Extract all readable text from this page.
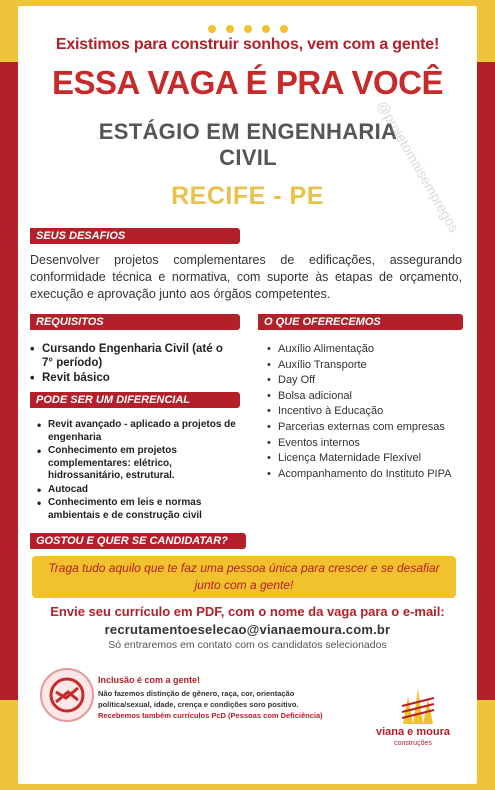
Existimos para construir sonhos, vem com a gente!
ESSA VAGA É PRA VOCÊ
ESTÁGIO EM ENGENHARIA
CIVIL
RECIFE - PE
SEUS DESAFIOS
Desenvolver projetos complementares de edificações, assegurando conformidade técnica e normativa, com suporte às etapas de orçamento, execução e aprovação junto aos órgãos competentes.
REQUISITOS
• Cursando Engenharia Civil (até o 7° período)
• Revit básico
O QUE OFERECEMOS
• Auxílio Alimentação
• Auxílio Transporte
• Day Off
• Bolsa adicional
• Incentivo à Educação
• Parcerias externas com empresas
• Eventos internos
• Licença Maternidade Flexível
• Acompanhamento do Instituto PIPA
PODE SER UM DIFERENCIAL
• Revit avançado - aplicado a projetos de engenharia
• Conhecimento em projetos complementares: elétrico, hidrossanitário, estrutural.
• Autocad
• Conhecimento em leis e normas ambientais e de construção civil
GOSTOU E QUER SE CANDIDATAR?
Traga tudo aquilo que te faz uma pessoa única para crescer e se desafiar junto com a gente!
Envie seu currículo em PDF, com o nome da vaga para o e-mail:
recrutamentoeselecao@vianaemoura.com.br
Só entraremos em contato com os candidatos selecionados
Inclusão é com a gente!
Não fazemos distinção de gênero, raça, cor, orientação
política/sexual, idade, crença e condições soro positivo.
Recebemos também currículos PcD (Pessoas com Deficiência)
viana e moura
construções
@projetomaisempregos
